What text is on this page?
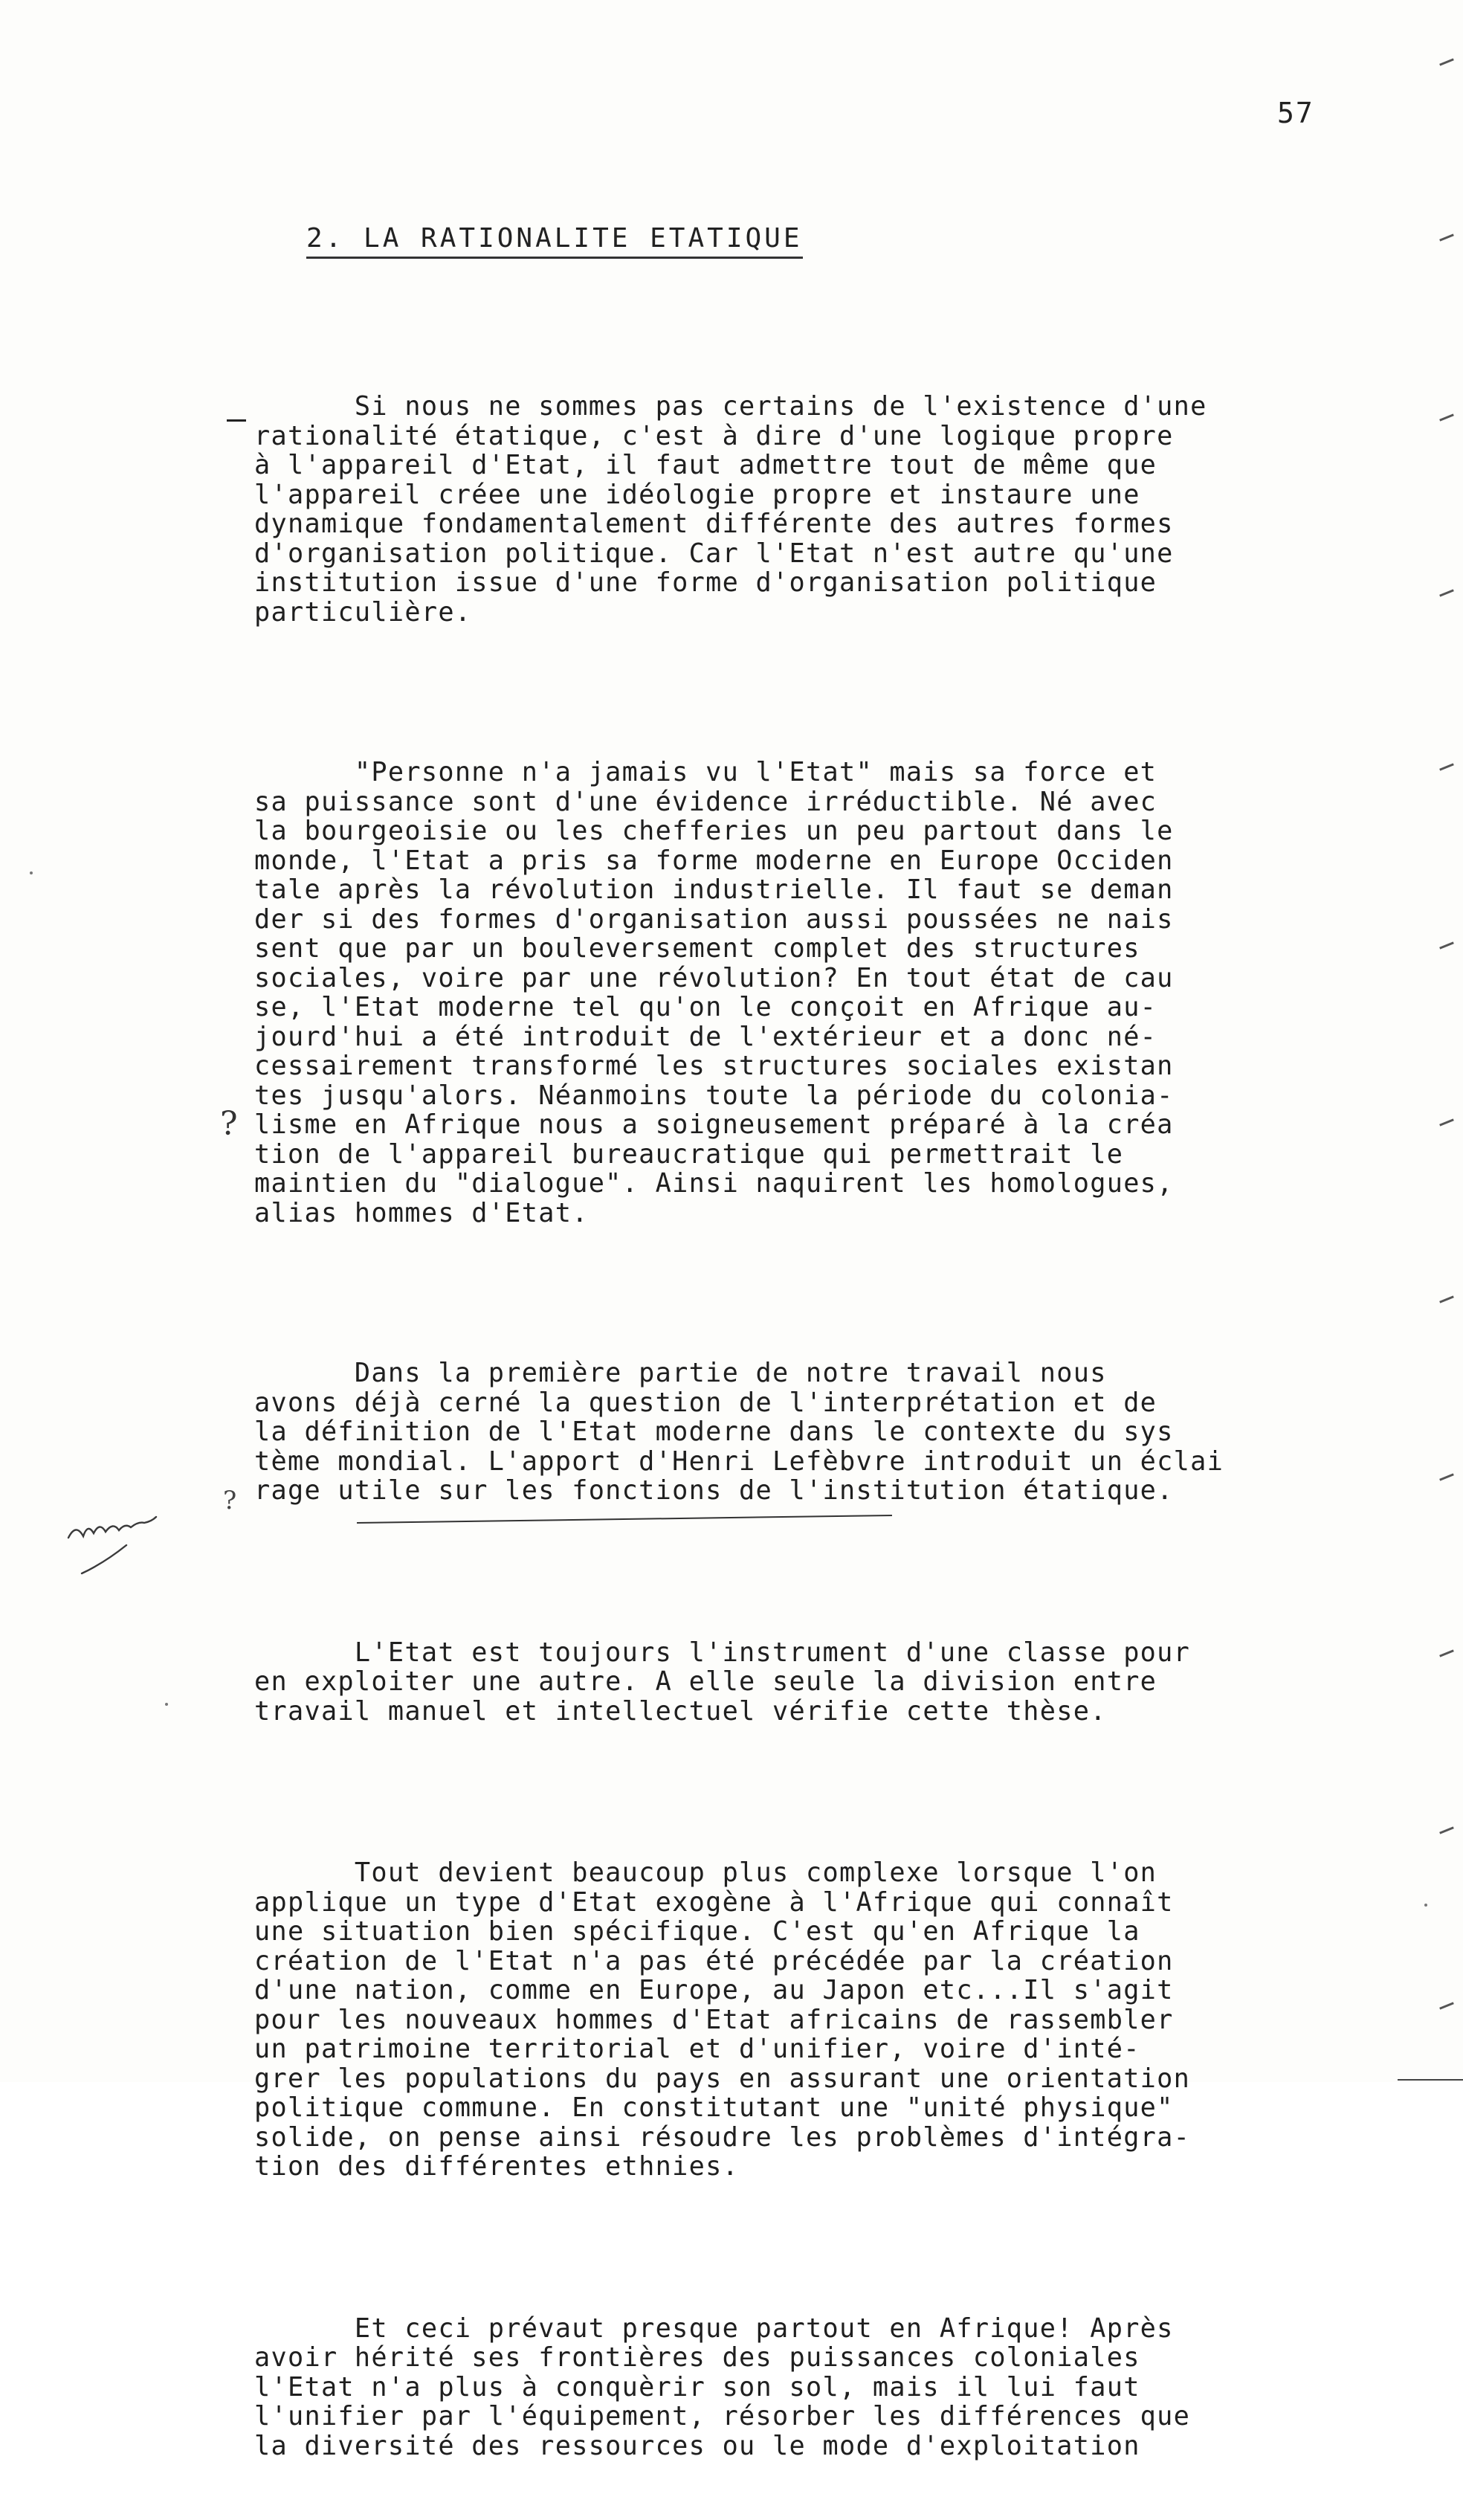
57
2. LA RATIONALITE ETATIQUE

Si nous ne sommes pas certains de l'existence d'une
rationalité étatique, c'est à dire d'une logique propre
à l'appareil d'Etat, il faut admettre tout de même que
l'appareil créee une idéologie propre et instaure une
dynamique fondamentalement différente des autres formes
d'organisation politique. Car l'Etat n'est autre qu'une
institution issue d'une forme d'organisation politique
particulière.

"Personne n'a jamais vu l'Etat" mais sa force et
sa puissance sont d'une évidence irréductible. Né avec
la bourgeoisie ou les chefferies un peu partout dans le
monde, l'Etat a pris sa forme moderne en Europe Occiden
tale après la révolution industrielle. Il faut se deman
der si des formes d'organisation aussi poussées ne nais
sent que par un bouleversement complet des structures
sociales, voire par une révolution? En tout état de cau
se, l'Etat moderne tel qu'on le conçoit en Afrique au-
jourd'hui a été introduit de l'extérieur et a donc né-
cessairement transformé les structures sociales existan
tes jusqu'alors. Néanmoins toute la période du colonia-
lisme en Afrique nous a soigneusement préparé à la créa
tion de l'appareil bureaucratique qui permettrait le
maintien du "dialogue". Ainsi naquirent les homologues,
alias hommes d'Etat.

Dans la première partie de notre travail nous
avons déjà cerné la question de l'interprétation et de
la définition de l'Etat moderne dans le contexte du sys
tème mondial. L'apport d'Henri Lefèbvre introduit un éclai
rage utile sur les fonctions de l'institution étatique.

L'Etat est toujours l'instrument d'une classe pour
en exploiter une autre. A elle seule la division entre
travail manuel et intellectuel vérifie cette thèse.

Tout devient beaucoup plus complexe lorsque l'on
applique un type d'Etat exogène à l'Afrique qui connaît
une situation bien spécifique. C'est qu'en Afrique la
création de l'Etat n'a pas été précédée par la création
d'une nation, comme en Europe, au Japon etc...Il s'agit
pour les nouveaux hommes d'Etat africains de rassembler
un patrimoine territorial et d'unifier, voire d'inté-
grer les populations du pays en assurant une orientation
politique commune. En constitutant une "unité physique"
solide, on pense ainsi résoudre les problèmes d'intégra-
tion des différentes ethnies.

Et ceci prévaut presque partout en Afrique! Après
avoir hérité ses frontières des puissances coloniales
l'Etat n'a plus à conquèrir son sol, mais il lui faut
l'unifier par l'équipement, résorber les différences que
la diversité des ressources ou le mode d'exploitation

?
?
